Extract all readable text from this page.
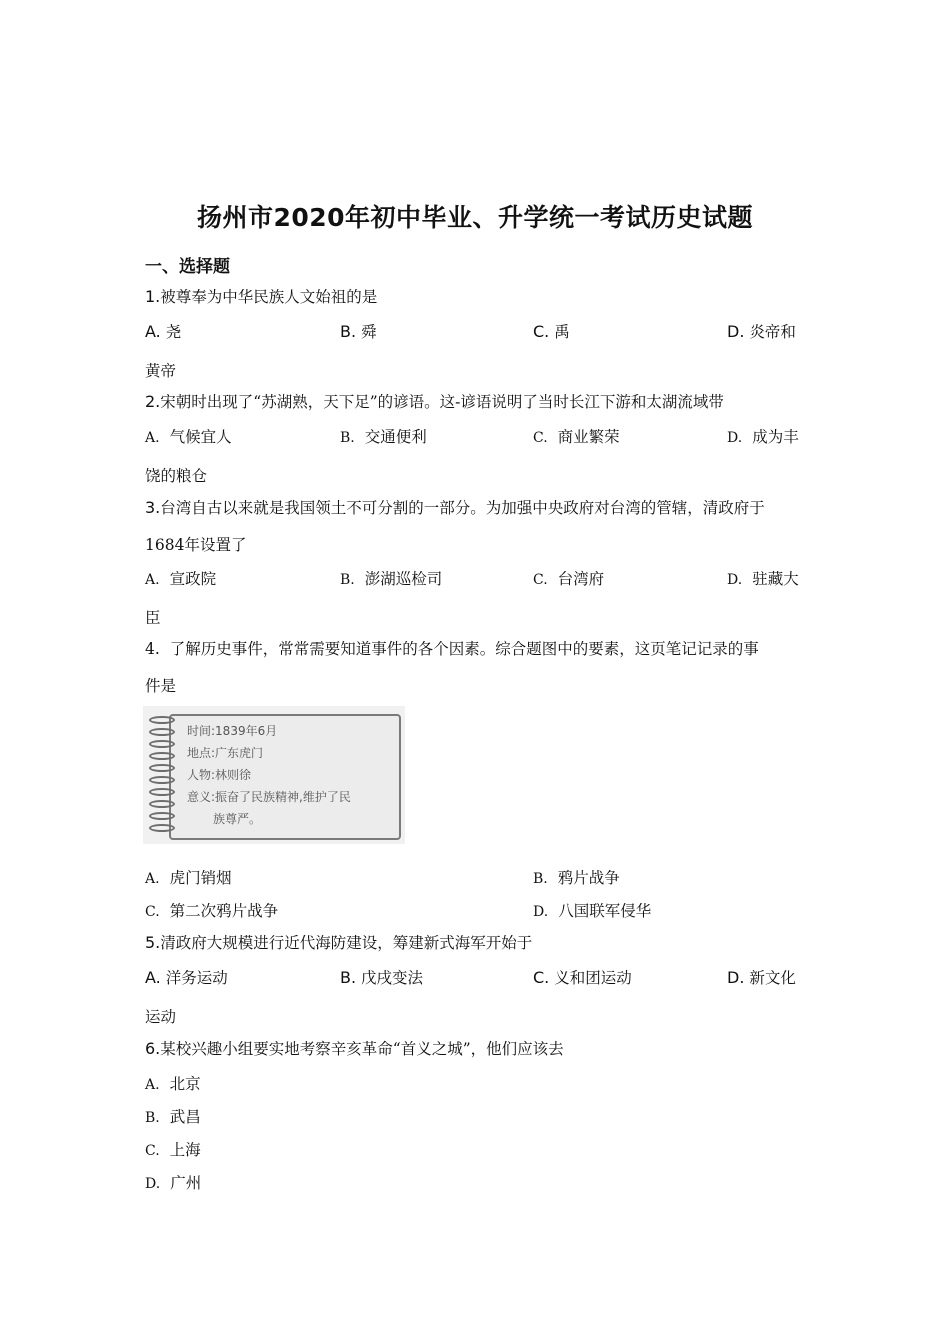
扬州市2020年初中毕业、升学统一考试历史试题
一、选择题
1.被尊奉为中华民族人文始祖的是
A. 尧	B. 舜	C. 禹	D. 炎帝和
黄帝
2.宋朝时出现了“苏湖熟，天下足”的谚语。这-谚语说明了当时长江下游和太湖流域带
A. 气候宜人	B. 交通便利	C. 商业繁荣	D. 成为丰
饶的粮仓
3.台湾自古以来就是我国领土不可分割的一部分。为加强中央政府对台湾的管辖，清政府于
1684年设置了
A. 宣政院	B. 澎湖巡检司	C. 台湾府	D. 驻藏大
臣
4. 了解历史事件，常常需要知道事件的各个因素。综合题图中的要素，这页笔记记录的事
件是
时间:1839年6月
地点:广东虎门
人物:林则徐
意义:振奋了民族精神,维护了民
族尊严。
A. 虎门销烟	B. 鸦片战争
C. 第二次鸦片战争	D. 八国联军侵华
5.清政府大规模进行近代海防建设，筹建新式海军开始于
A. 洋务运动	B. 戊戌变法	C. 义和团运动	D. 新文化
运动
6.某校兴趣小组要实地考察辛亥革命“首义之城”，他们应该去
A. 北京
B. 武昌
C. 上海
D. 广州
